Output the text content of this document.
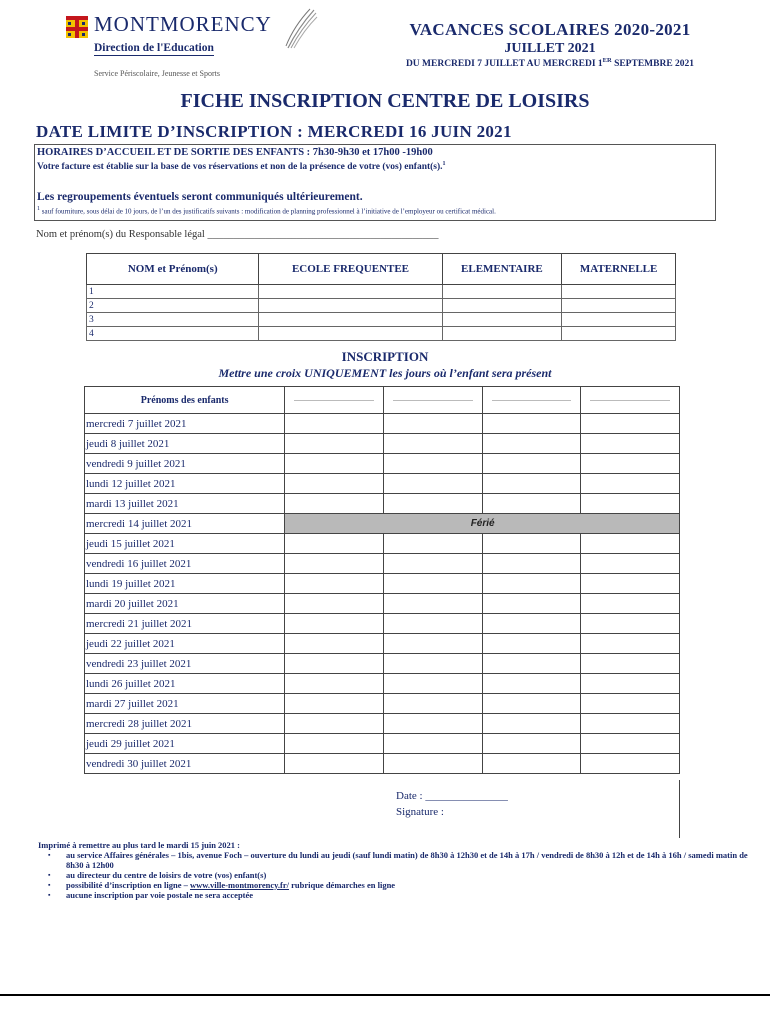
MONTMORENCY
Direction de l'Education
Service Périscolaire, Jeunesse et Sports
VACANCES SCOLAIRES 2020-2021
JUILLET 2021
DU MERCREDI 7 JUILLET AU MERCREDI 1ER SEPTEMBRE 2021
FICHE INSCRIPTION CENTRE DE LOISIRS
DATE LIMITE D’INSCRIPTION : MERCREDI 16 JUIN 2021
HORAIRES D’ACCUEIL ET DE SORTIE DES ENFANTS : 7h30-9h30 et 17h00 -19h00
Votre facture est établie sur la base de vos réservations et non de la présence de votre (vos) enfant(s).$^1$
Les regroupements éventuels seront communiqués ultérieurement.
$^1$ sauf fourniture, sous délai de 10 jours, de l’un des justificatifs suivants : modification de planning professionnel à l’initiative de l’employeur ou certificat médical.
Nom et prénom(s) du Responsable légal ____________________________________________
NOM et Prénom(s)	ECOLE FREQUENTEE	ELEMENTAIRE	MATERNELLE
1			
2			
3			
4			
INSCRIPTION
Mettre une croix UNIQUEMENT les jours où l’enfant sera présent
Prénoms des enfants	

mercredi 7 juillet 2021				
jeudi 8 juillet 2021				
vendredi 9 juillet 2021				
lundi 12 juillet 2021				
mardi 13 juillet 2021				
mercredi 14 juillet 2021	Férié			
jeudi 15 juillet 2021				
vendredi 16 juillet 2021				
lundi 19 juillet 2021				
mardi 20 juillet 2021				
mercredi 21 juillet 2021				
jeudi 22 juillet 2021				
vendredi 23 juillet 2021				
lundi 26 juillet 2021				
mardi 27 juillet 2021				
mercredi 28 juillet 2021				
jeudi 29 juillet 2021				
vendredi 30 juillet 2021				
Date : _______________
Signature :
Imprimé à remettre au plus tard le mardi 15 juin 2021 :
▪ au service Affaires générales – 1bis, avenue Foch – ouverture du lundi au jeudi (sauf lundi matin) de 8h30 à 12h30 et de 14h à 17h / vendredi de 8h30 à 12h et de 14h à 16h / samedi matin de 8h30 à 12h00
▪ au directeur du centre de loisirs de votre (vos) enfant(s)
▪ possibilité d’inscription en ligne – www.ville-montmorency.fr/ rubrique démarches en ligne
▪ aucune inscription par voie postale ne sera acceptée
